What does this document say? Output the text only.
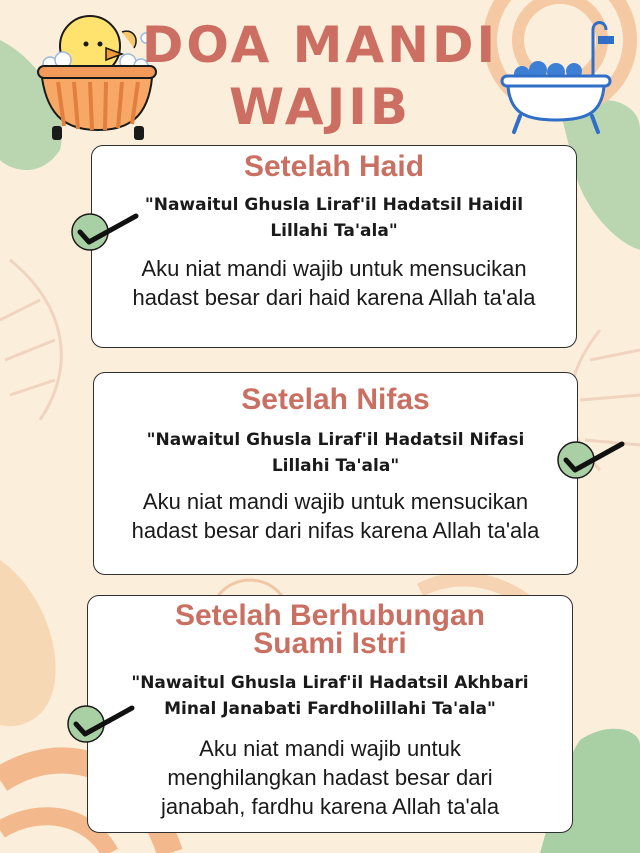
DOA MANDI
WAJIB
Setelah Haid

"Nawaitul Ghusla Liraf'il Hadatsil Haidil Lillahi Ta'ala"

Aku niat mandi wajib untuk mensucikan hadast besar dari haid karena Allah ta'ala

Setelah Nifas

"Nawaitul Ghusla Liraf'il Hadatsil Nifasi Lillahi Ta'ala"

Aku niat mandi wajib untuk mensucikan hadast besar dari nifas karena Allah ta'ala

Setelah Berhubungan Suami Istri

"Nawaitul Ghusla Liraf'il Hadatsil Akhbari Minal Janabati Fardholillahi Ta'ala"

Aku niat mandi wajib untuk menghilangkan hadast besar dari janabah, fardhu karena Allah ta'ala
